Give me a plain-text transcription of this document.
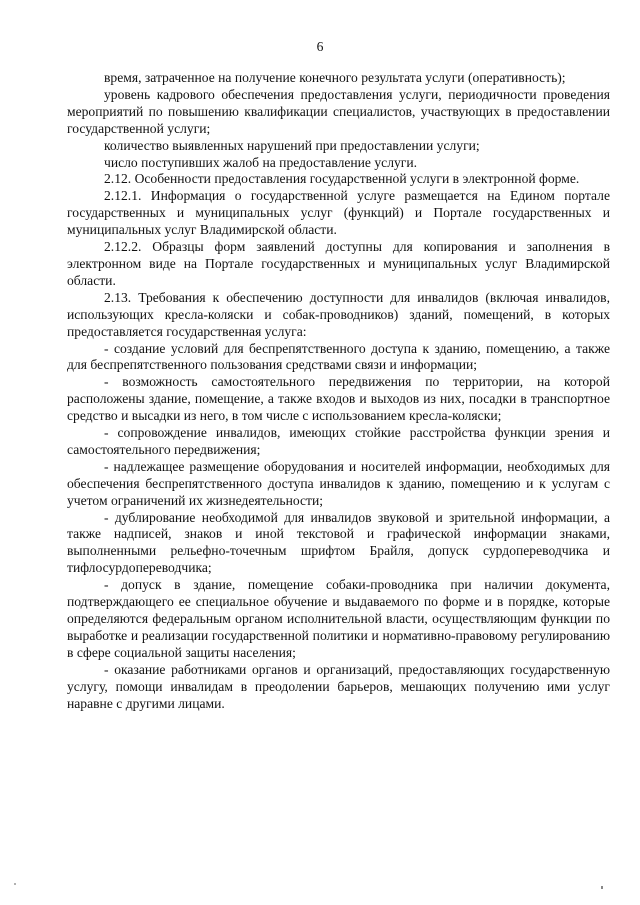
6

время, затраченное на получение конечного результата услуги (оперативность);

уровень кадрового обеспечения предоставления услуги, периодичности проведения мероприятий по повышению квалификации специалистов, участвующих в предоставлении государственной услуги;

количество выявленных нарушений при предоставлении услуги;

число поступивших жалоб на предоставление услуги.

2.12. Особенности предоставления государственной услуги в электронной форме.

2.12.1. Информация о государственной услуге размещается на Едином портале государственных и муниципальных услуг (функций) и Портале государственных и муниципальных услуг Владимирской области.

2.12.2. Образцы форм заявлений доступны для копирования и заполнения в электронном виде на Портале государственных и муниципальных услуг Владимирской области.

2.13. Требования к обеспечению доступности для инвалидов (включая инвалидов, использующих кресла-коляски и собак-проводников) зданий, помещений, в которых предоставляется государственная услуга:

- создание условий для беспрепятственного доступа к зданию, помещению, а также для беспрепятственного пользования средствами связи и информации;

- возможность самостоятельного передвижения по территории, на которой расположены здание, помещение, а также входов и выходов из них, посадки в транспортное средство и высадки из него, в том числе с использованием кресла-коляски;

- сопровождение инвалидов, имеющих стойкие расстройства функции зрения и самостоятельного передвижения;

- надлежащее размещение оборудования и носителей информации, необходимых для обеспечения беспрепятственного доступа инвалидов к зданию, помещению и к услугам с учетом ограничений их жизнедеятельности;

- дублирование необходимой для инвалидов звуковой и зрительной информации, а также надписей, знаков и иной текстовой и графической информации знаками, выполненными рельефно-точечным шрифтом Брайля, допуск сурдопереводчика и тифлосурдопереводчика;

- допуск в здание, помещение собаки-проводника при наличии документа, подтверждающего ее специальное обучение и выдаваемого по форме и в порядке, которые определяются федеральным органом исполнительной власти, осуществляющим функции по выработке и реализации государственной политики и нормативно-правовому регулированию в сфере социальной защиты населения;

- оказание работниками органов и организаций, предоставляющих государственную услугу, помощи инвалидам в преодолении барьеров, мешающих получению ими услуг наравне с другими лицами.
